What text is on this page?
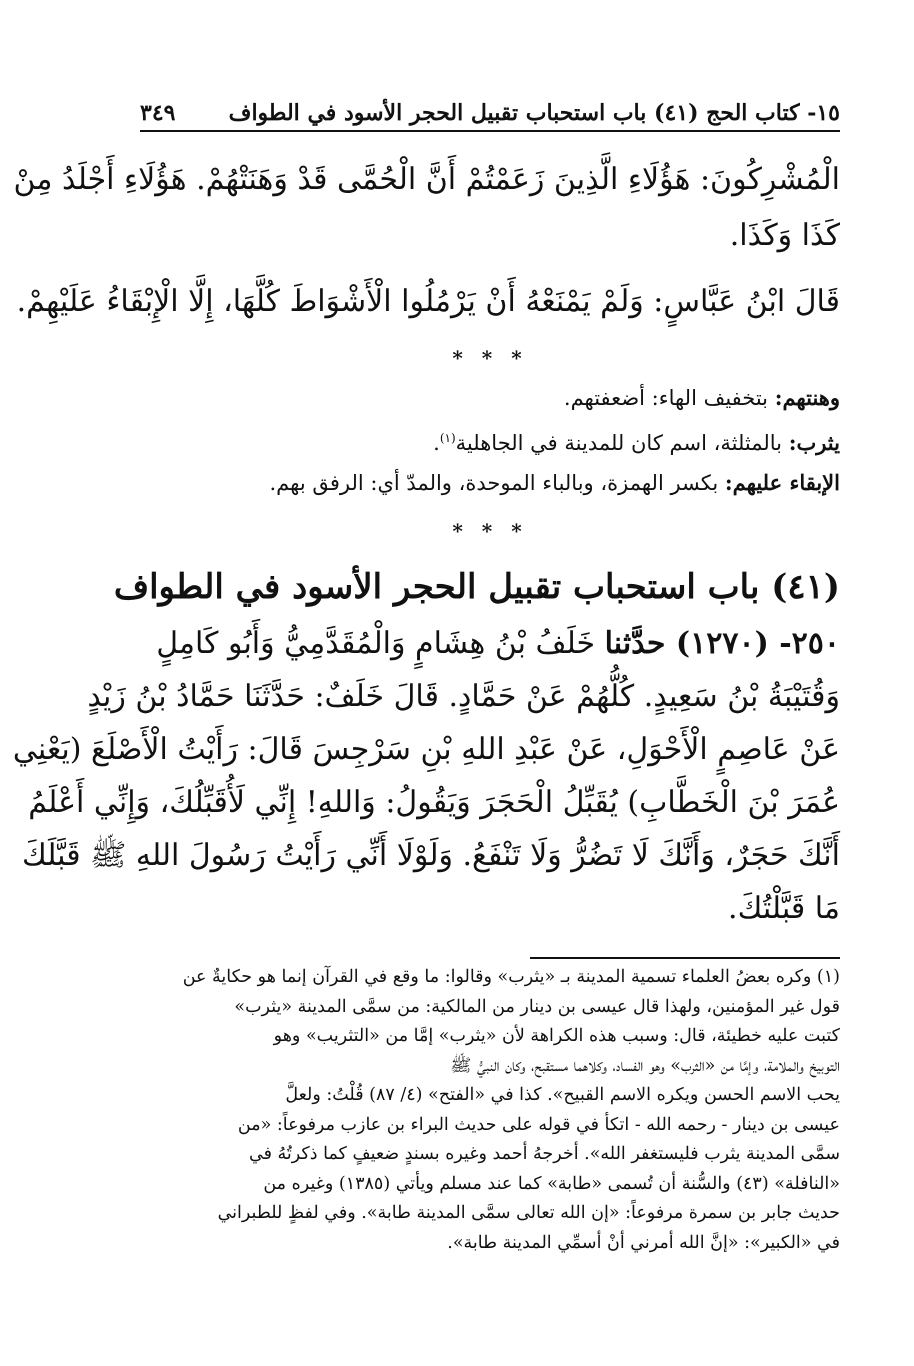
١٥- كتاب الحج (٤١) باب استحباب تقبيل الحجر الأسود في الطواف
٣٤٩
الْمُشْرِكُونَ: هَؤُلَاءِ الَّذِينَ زَعَمْتُمْ أَنَّ الْحُمَّى قَدْ وَهَنَتْهُمْ. هَؤُلَاءِ أَجْلَدُ مِنْ
كَذَا وَكَذَا.
قَالَ ابْنُ عَبَّاسٍ: وَلَمْ يَمْنَعْهُ أَنْ يَرْمُلُوا الْأَشْوَاطَ كُلَّهَا، إِلَّا الْإِبْقَاءُ عَلَيْهِمْ.
* * *
وهنتهم: بتخفيف الهاء: أضعفتهم.
يثرب: بالمثلثة، اسم كان للمدينة في الجاهلية$^{(١)}$.
الإبقاء عليهم: بكسر الهمزة، وبالباء الموحدة، والمدّ أي: الرفق بهم.
* * *
(٤١) باب استحباب تقبيل الحجر الأسود في الطواف
٢٥٠- (١٢٧٠) حدَّثنا خَلَفُ بْنُ هِشَامٍ وَالْمُقَدَّمِيُّ وَأَبُو كَامِلٍ
وَقُتَيْبَةُ بْنُ سَعِيدٍ. كُلُّهُمْ عَنْ حَمَّادٍ. قَالَ خَلَفٌ: حَدَّثَنَا حَمَّادُ بْنُ زَيْدٍ
عَنْ عَاصِمٍ الْأَحْوَلِ، عَنْ عَبْدِ اللهِ بْنِ سَرْجِسَ قَالَ: رَأَيْتُ الْأَصْلَعَ (يَعْنِي
عُمَرَ بْنَ الْخَطَّابِ) يُقَبِّلُ الْحَجَرَ وَيَقُولُ: وَاللهِ! إِنِّي لَأُقَبِّلُكَ، وَإِنِّي أَعْلَمُ
أَنَّكَ حَجَرٌ، وَأَنَّكَ لَا تَضُرُّ وَلَا تَنْفَعُ. وَلَوْلَا أَنِّي رَأَيْتُ رَسُولَ اللهِ ﷺ قَبَّلَكَ
مَا قَبَّلْتُكَ.
(١) وكره بعضُ العلماء تسمية المدينة بـ «يثرب» وقالوا: ما وقع في القرآن إنما هو حكايةٌ عن
قول غير المؤمنين، ولهذا قال عيسى بن دينار من المالكية: من سمَّى المدينة «يثرب»
كتبت عليه خطيئة، قال: وسبب هذه الكراهة لأن «يثرب» إمَّا من «التثريب» وهو
التوبيخ والملامة، وإمَّا من «الثرب» وهو الفساد، وكلاهما مستقبح، وكان النبيُّ ﷺ
يحب الاسم الحسن ويكره الاسم القبيح». كذا في «الفتح» (٤/ ٨٧) قُلْتُ: ولعلَّ
عيسى بن دينار - رحمه الله - اتكأ في قوله على حديث البراء بن عازب مرفوعاً: «من
سمَّى المدينة يثرب فليستغفر الله». أخرجهُ أحمد وغيره بسندٍ ضعيفٍ كما ذكرتُهُ في
«النافلة» (٤٣) والسُّنة أن تُسمى «طابة» كما عند مسلم ويأتي (١٣٨٥) وغيره من
حديث جابر بن سمرة مرفوعاً: «إن الله تعالى سمَّى المدينة طابة». وفي لفظٍ للطبراني
في «الكبير»: «إنَّ الله أمرني أنْ أسمِّي المدينة طابة».
